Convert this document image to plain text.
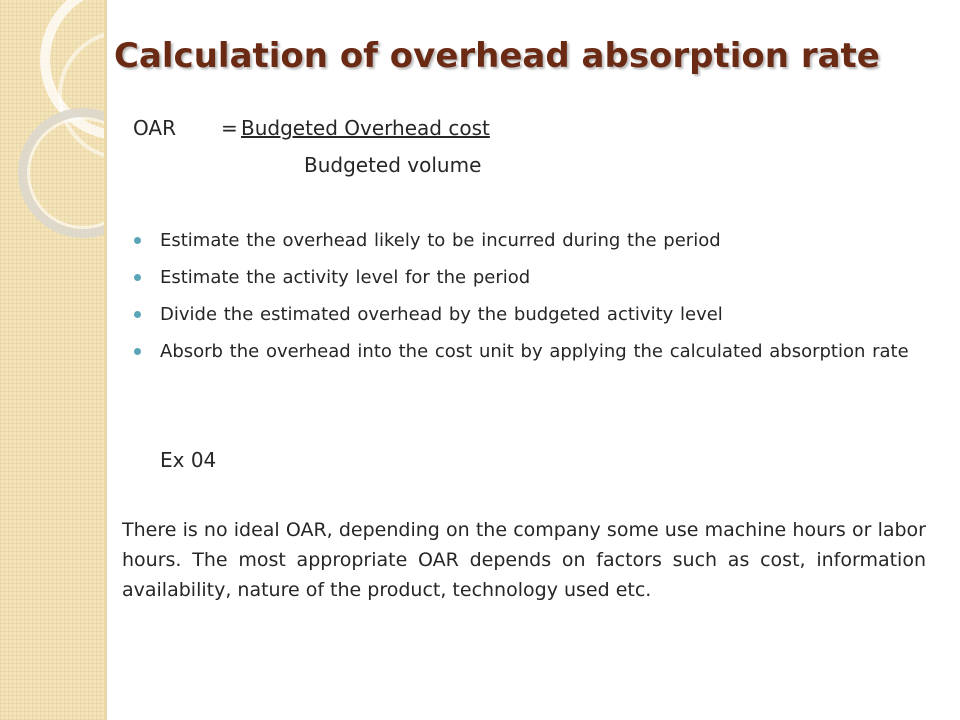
Calculation of overhead absorption rate
OAR = Budgeted Overhead cost
Budgeted volume
Estimate the overhead likely to be incurred during the period
Estimate the activity level for the period
Divide the estimated overhead by the budgeted activity level
Absorb the overhead into the cost unit by applying the calculated absorption rate
Ex 04

There is no ideal OAR, depending on the company some use machine hours or labor hours. The most appropriate OAR depends on factors such as cost, information availability, nature of the product, technology used etc.
